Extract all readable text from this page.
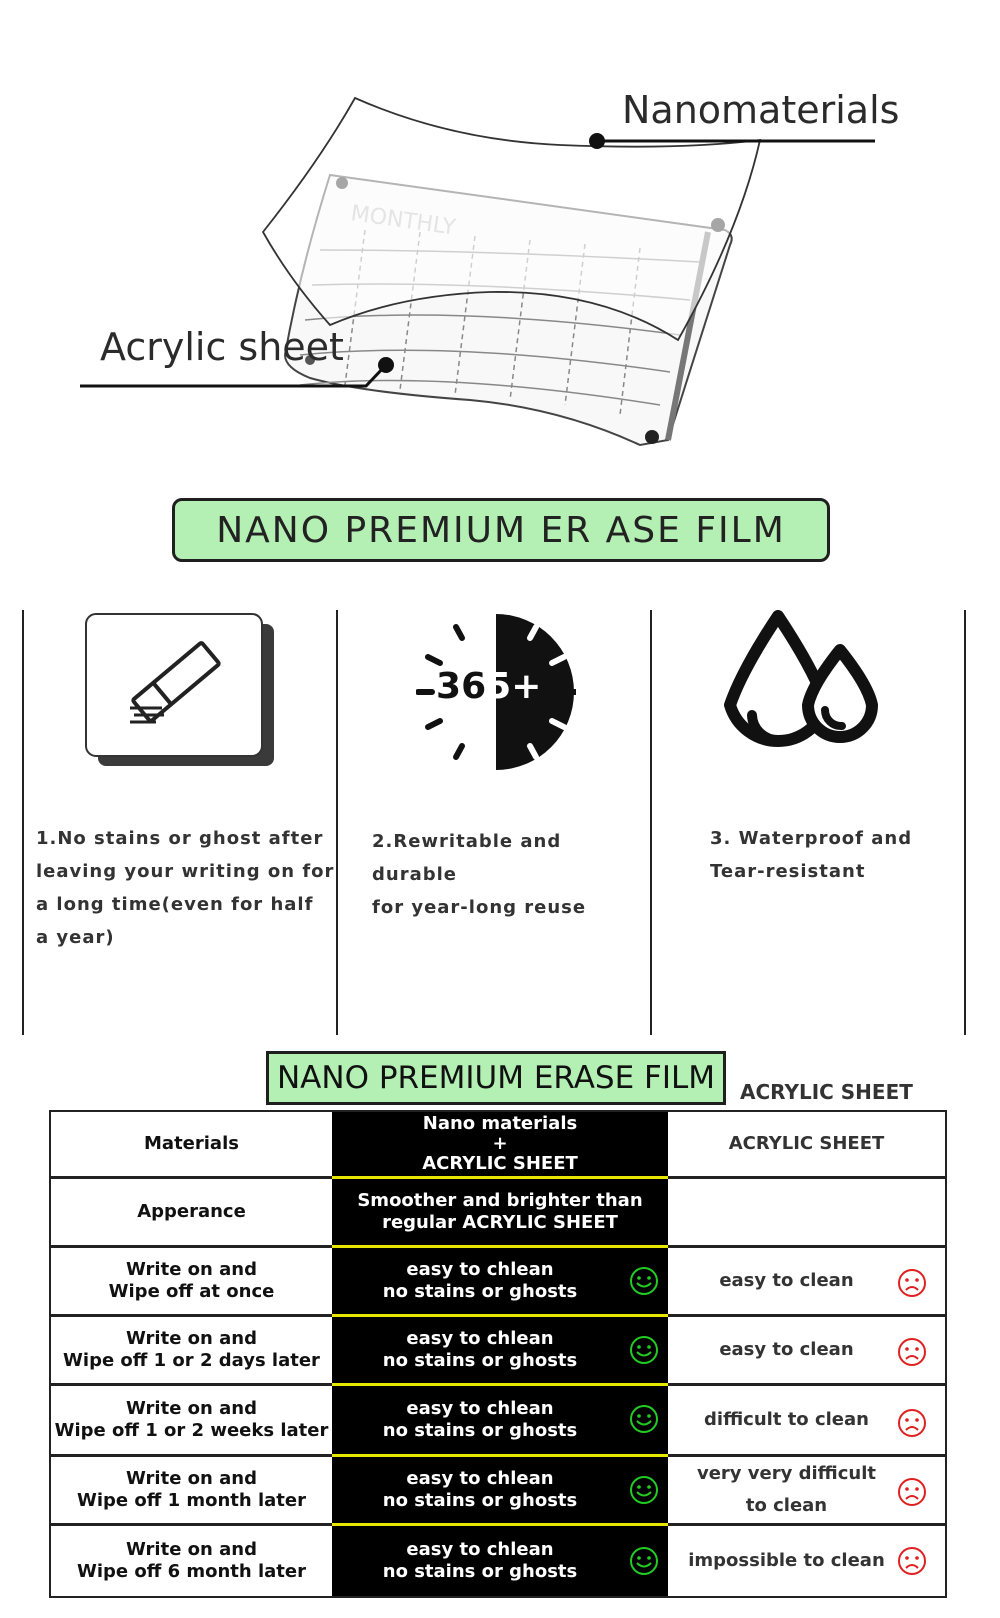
Nanomaterials
Acrylic sheet
NANO PREMIUM ER ASE FILM
365+
1.No stains or ghost after
leaving your writing on for
a long time(even for half
a year)
2.Rewritable and durable
for year-long reuse
3. Waterproof and
Tear-resistant
NANO PREMIUM ERASE FILM	ACRYLIC SHEET
Materials
Nano materials
+
ACRYLIC SHEET
ACRYLIC SHEET
Apperance
Smoother and brighter than
regular ACRYLIC SHEET
Write on and
Wipe off at once
easy to chlean
no stains or ghosts
easy to clean
Write on and
Wipe off 1 or 2 days later
easy to chlean
no stains or ghosts
easy to clean
Write on and
Wipe off 1 or 2 weeks later
easy to chlean
no stains or ghosts
difficult to clean
Write on and
Wipe off 1 month later
easy to chlean
no stains or ghosts
very very difficult
to clean
Write on and
Wipe off 6 month later
easy to chlean
no stains or ghosts
impossible to clean
